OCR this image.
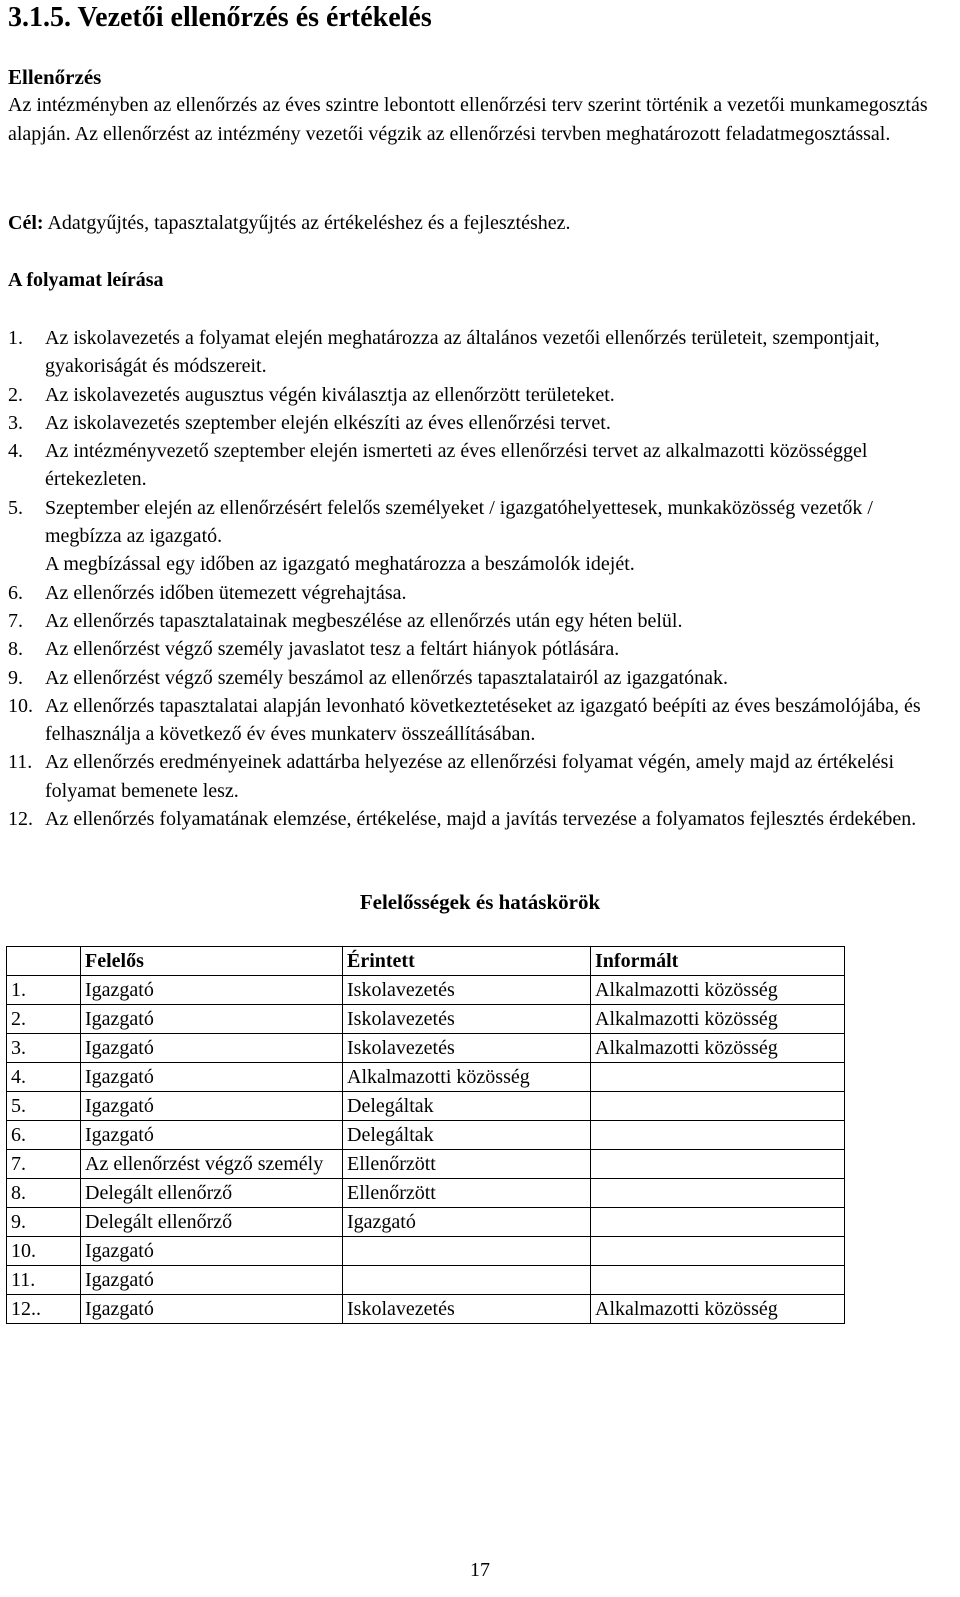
3.1.5. Vezetői ellenőrzés és értékelés
Ellenőrzés

Az intézményben az ellenőrzés az éves szintre lebontott ellenőrzési terv szerint történik a vezetői munkamegosztás alapján. Az ellenőrzést az intézmény vezetői végzik az ellenőrzési tervben meghatározott feladatmegosztással.

Cél: Adatgyűjtés, tapasztalatgyűjtés az értékeléshez és a fejlesztéshez.

A folyamat leírása
1. Az iskolavezetés a folyamat elején meghatározza az általános vezetői ellenőrzés területeit, szempontjait, gyakoriságát és módszereit.
2. Az iskolavezetés augusztus végén kiválasztja az ellenőrzött területeket.
3. Az iskolavezetés szeptember elején elkészíti az éves ellenőrzési tervet.
4. Az intézményvezető szeptember elején ismerteti az éves ellenőrzési tervet az alkalmazotti közösséggel értekezleten.
5. Szeptember elején az ellenőrzésért felelős személyeket / igazgatóhelyettesek, munkaközösség vezetők / megbízza az igazgató.
A megbízással egy időben az igazgató meghatározza a beszámolók idejét.
6. Az ellenőrzés időben ütemezett végrehajtása.
7. Az ellenőrzés tapasztalatainak megbeszélése az ellenőrzés után egy héten belül.
8. Az ellenőrzést végző személy javaslatot tesz a feltárt hiányok pótlására.
9. Az ellenőrzést végző személy beszámol az ellenőrzés tapasztalatairól az igazgatónak.
10. Az ellenőrzés tapasztalatai alapján levonható következtetéseket az igazgató beépíti az éves beszámolójába, és felhasználja a következő év éves munkaterv összeállításában.
11. Az ellenőrzés eredményeinek adattárba helyezése az ellenőrzési folyamat végén, amely majd az értékelési folyamat bemenete lesz.
12. Az ellenőrzés folyamatának elemzése, értékelése, majd a javítás tervezése a folyamatos fejlesztés érdekében.
Felelősségek és hatáskörök
	Felelős	Érintett	Informált
1.	Igazgató	Iskolavezetés	Alkalmazotti közösség
2.	Igazgató	Iskolavezetés	Alkalmazotti közösség
3.	Igazgató	Iskolavezetés	Alkalmazotti közösség
4.	Igazgató	Alkalmazotti közösség	
5.	Igazgató	Delegáltak	
6.	Igazgató	Delegáltak	
7.	Az ellenőrzést végző személy	Ellenőrzött	
8.	Delegált ellenőrző	Ellenőrzött	
9.	Delegált ellenőrző	Igazgató	
10.	Igazgató		
11.	Igazgató		
12..	Igazgató	Iskolavezetés	Alkalmazotti közösség
17
